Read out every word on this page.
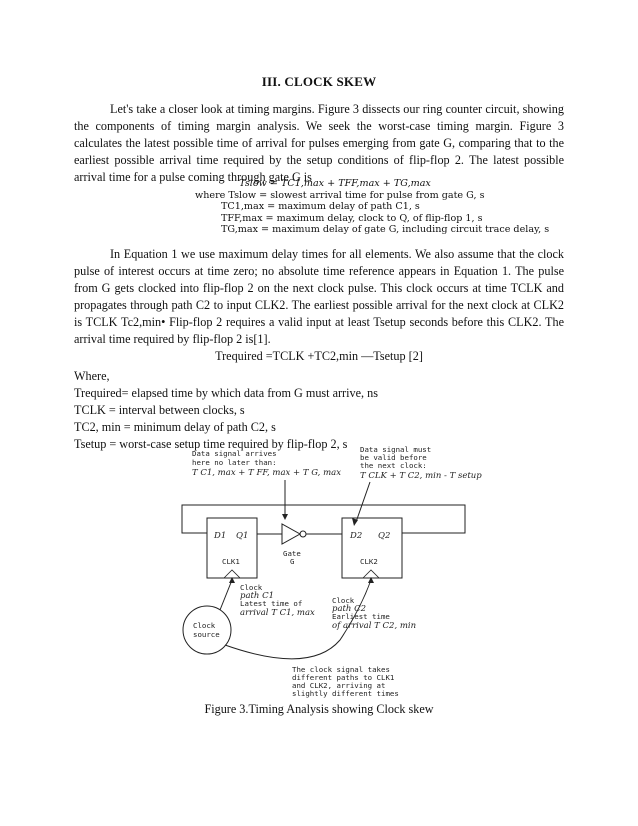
III. CLOCK SKEW
Let's take a closer look at timing margins. Figure 3 dissects our ring counter circuit, showing the components of timing margin analysis. We seek the worst-case timing margin. Figure 3 calculates the latest possible time of arrival for pulses emerging from gate G, comparing that to the earliest possible arrival time required by the setup conditions of flip-flop 2. The latest possible arrival time for a pulse coming through gate G is
Tslow = TC1,max + TFF,max + TG,max
where Tslow = slowest arrival time for pulse from gate G, s
TC1,max = maximum delay of path C1, s
TFF,max = maximum delay, clock to Q, of flip-flop 1, s
TG,max = maximum delay of gate G, including circuit trace delay, s
In Equation 1 we use maximum delay times for all elements. We also assume that the clock pulse of interest occurs at time zero; no absolute time reference appears in Equation 1. The pulse from G gets clocked into flip-flop 2 on the next clock pulse. This clock occurs at time TCLK and propagates through path C2 to input CLK2. The earliest possible arrival for the next clock at CLK2 is TCLK Tc2,min• Flip-flop 2 requires a valid input at least Tsetup seconds before this CLK2. The arrival time required by flip-flop 2 is[1].
Trequired =TCLK +TC2,min —Tsetup [2]
Where,
Trequired= elapsed time by which data from G must arrive, ns
TCLK = interval between clocks, s
TC2, min = minimum delay of path C2, s
Tsetup = worst-case setup time required by flip-flop 2, s
Data signal arrives
here no later than:
T C1, max + T FF, max + T G, max
Data signal must
be valid before
the next clock:
T CLK + T C2, min - T setup
D1 Q1
CLK1
Gate
G
D2 Q2
CLK2
Clock
source
Clock
path C1
Latest time of
arrival T C1, max
Clock
path C2
Earliest time
of arrival T C2, min
The clock signal takes
different paths to CLK1
and CLK2, arriving at
slightly different times
Figure 3.Timing Analysis showing Clock skew
